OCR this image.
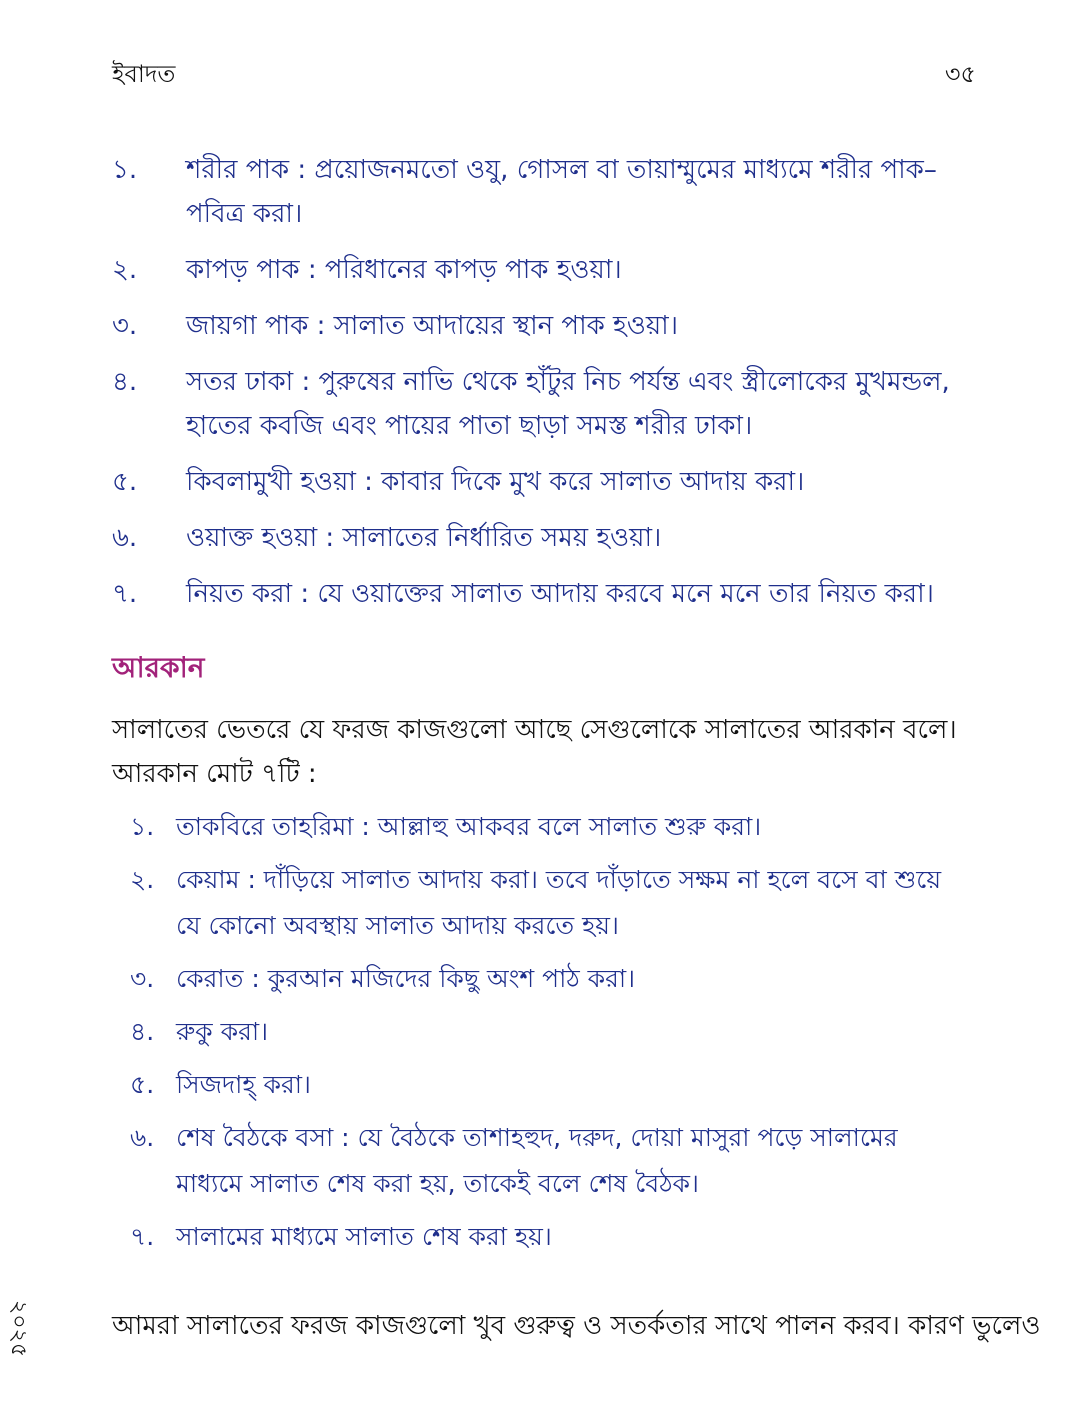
ইবাদত	৩৫
১.	শরীর পাক : প্রয়োজনমতো ওযু, গোসল বা তায়াম্মুমের মাধ্যমে শরীর পাক–পবিত্র করা।
২.	কাপড় পাক : পরিধানের কাপড় পাক হওয়া।
৩.	জায়গা পাক : সালাত আদায়ের স্থান পাক হওয়া।
৪.	সতর ঢাকা : পুরুষের নাভি থেকে হাঁটুর নিচ পর্যন্ত এবং স্ত্রীলোকের মুখমন্ডল, হাতের কবজি এবং পায়ের পাতা ছাড়া সমস্ত শরীর ঢাকা।
৫.	কিবলামুখী হওয়া : কাবার দিকে মুখ করে সালাত আদায় করা।
৬.	ওয়াক্ত হওয়া : সালাতের নির্ধারিত সময় হওয়া।
৭.	নিয়ত করা : যে ওয়াক্তের সালাত আদায় করবে মনে মনে তার নিয়ত করা।
আরকান
সালাতের ভেতরে যে ফরজ কাজগুলো আছে সেগুলোকে সালাতের আরকান বলে। আরকান মোট ৭টি :
১. তাকবিরে তাহরিমা : আল্লাহু আকবর বলে সালাত শুরু করা।
২. কেয়াম : দাঁড়িয়ে সালাত আদায় করা। তবে দাঁড়াতে সক্ষম না হলে বসে বা শুয়ে যে কোনো অবস্থায় সালাত আদায় করতে হয়।
৩. কেরাত : কুরআন মজিদের কিছু অংশ পাঠ করা।
৪. রুকু করা।
৫. সিজদাহ্ করা।
৬. শেষ বৈঠকে বসা : যে বৈঠকে তাশাহহুদ, দরুদ, দোয়া মাসুরা পড়ে সালামের মাধ্যমে সালাত শেষ করা হয়, তাকেই বলে শেষ বৈঠক।
৭. সালামের মাধ্যমে সালাত শেষ করা হয়।
২০২৫	আমরা সালাতের ফরজ কাজগুলো খুব গুরুত্ব ও সতর্কতার সাথে পালন করব। কারণ ভুলেও
